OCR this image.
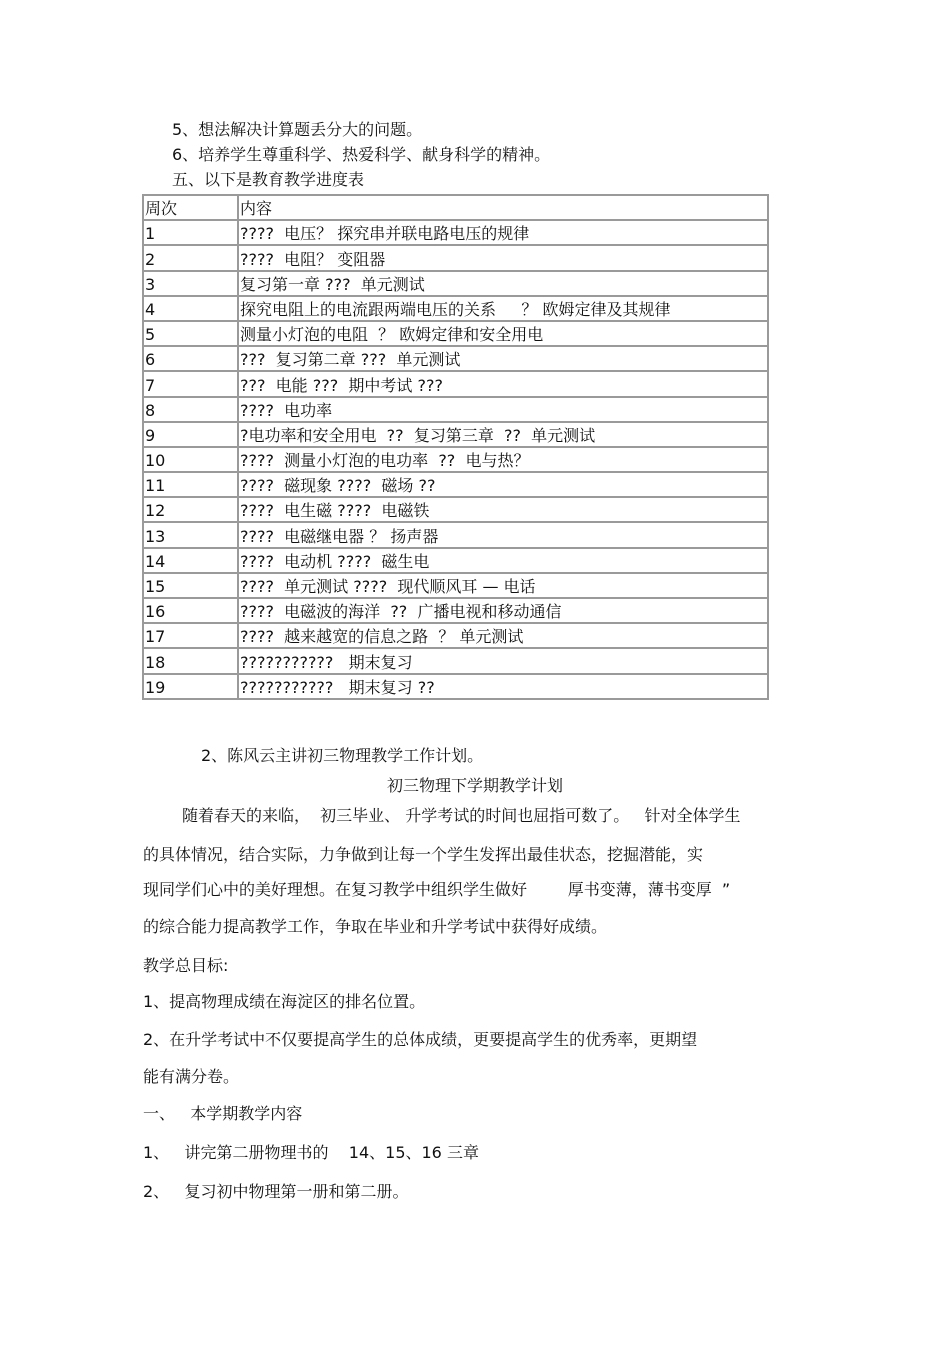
5、想法解决计算题丢分大的问题。
6、培养学生尊重科学、热爱科学、献身科学的精神。
五、以下是教育教学进度表
周次	内容
1	????  电压？ 探究串并联电路电压的规律
2	????  电阻？ 变阻器
3	复习第一章 ???  单元测试
4	探究电阻上的电流跟两端电压的关系     ？ 欧姆定律及其规律
5	测量小灯泡的电阻  ？ 欧姆定律和安全用电
6	???  复习第二章 ???  单元测试
7	???  电能 ???  期中考试 ???
8	????  电功率
9	?电功率和安全用电  ??  复习第三章  ??  单元测试
10	????  测量小灯泡的电功率  ??  电与热？
11	????  磁现象 ????  磁场 ??
12	????  电生磁 ????  电磁铁
13	????  电磁继电器 ？ 扬声器
14	????  电动机 ????  磁生电
15	????  单元测试 ????  现代顺风耳 — 电话
16	????  电磁波的海洋  ??  广播电视和移动通信
17	????  越来越宽的信息之路  ？ 单元测试
18	???????????   期末复习
19	???????????   期末复习 ??
2、陈风云主讲初三物理教学工作计划。
初三物理下学期教学计划
随着春天的来临，  初三毕业、 升学考试的时间也屈指可数了。   针对全体学生
的具体情况，结合实际，力争做到让每一个学生发挥出最佳状态，挖掘潜能，实
现同学们心中的美好理想。在复习教学中组织学生做好        厚书变薄，薄书变厚  ”
的综合能力提高教学工作，争取在毕业和升学考试中获得好成绩。
教学总目标:
1、提高物理成绩在海淀区的排名位置。
2、在升学考试中不仅要提高学生的总体成绩，更要提高学生的优秀率，更期望
能有满分卷。
一、   本学期教学内容
1、   讲完第二册物理书的    14、15、16 三章
2、   复习初中物理第一册和第二册。
